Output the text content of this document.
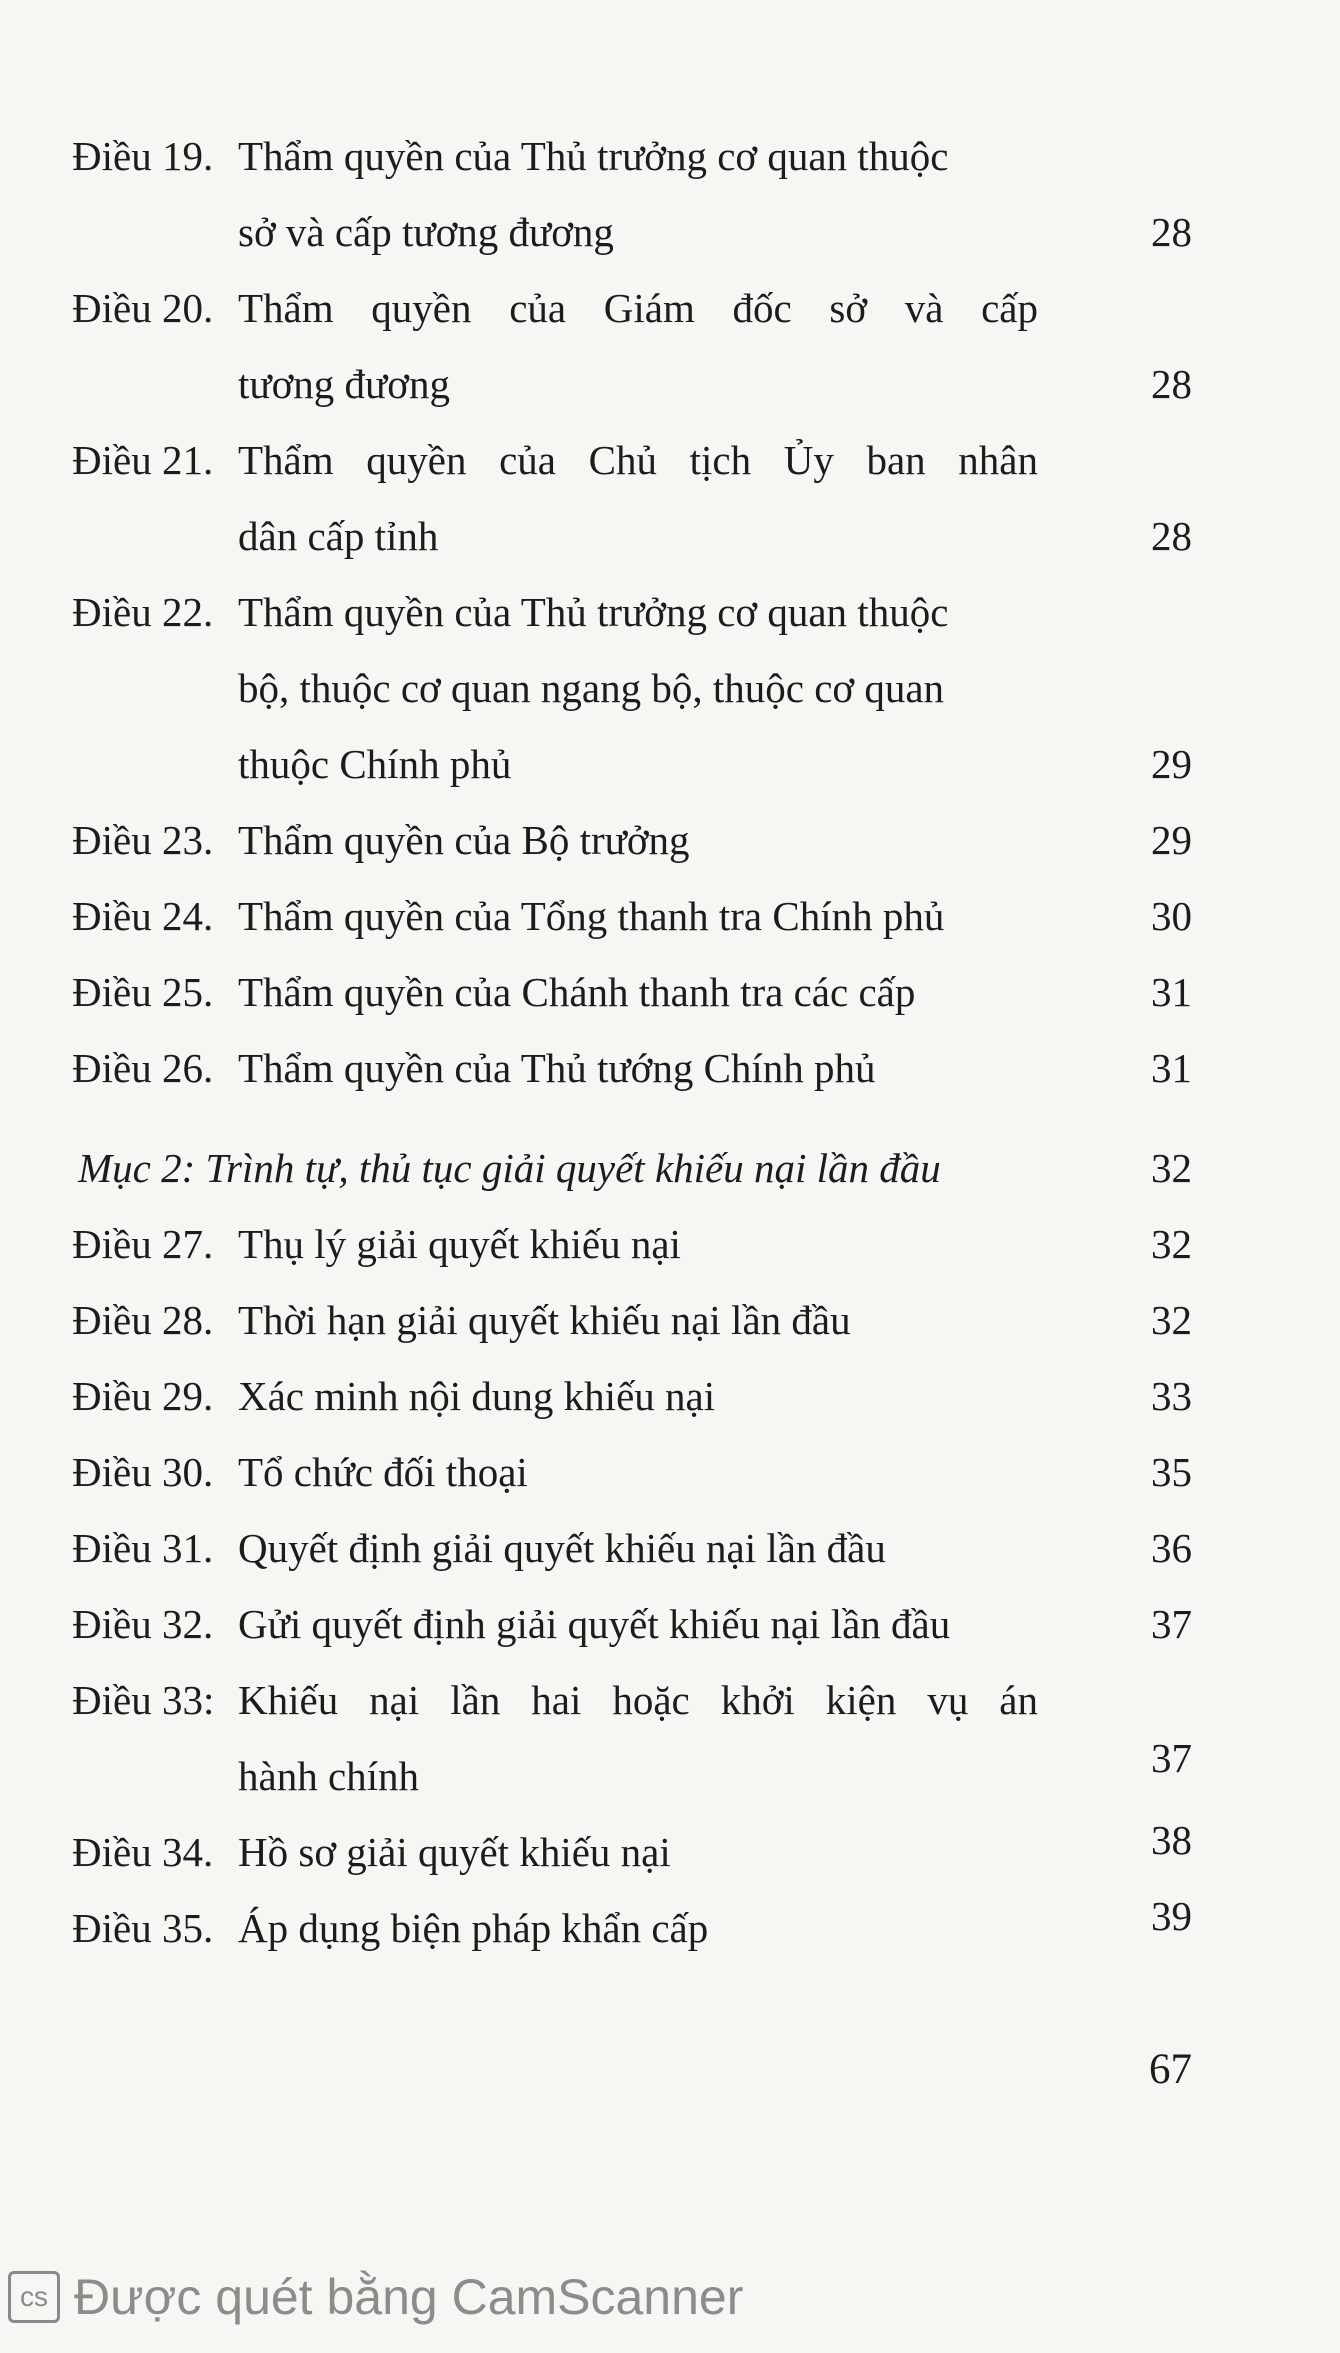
Điều 19. Thẩm quyền của Thủ trưởng cơ quan thuộc
sở và cấp tương đương	28
Điều 20. Thẩm quyền của Giám đốc sở và cấp
tương đương	28
Điều 21. Thẩm quyền của Chủ tịch Ủy ban nhân
dân cấp tỉnh	28
Điều 22. Thẩm quyền của Thủ trưởng cơ quan thuộc
bộ, thuộc cơ quan ngang bộ, thuộc cơ quan
thuộc Chính phủ	29
Điều 23. Thẩm quyền của Bộ trưởng	29
Điều 24. Thẩm quyền của Tổng thanh tra Chính phủ	30
Điều 25. Thẩm quyền của Chánh thanh tra các cấp	31
Điều 26. Thẩm quyền của Thủ tướng Chính phủ	31
Mục 2: Trình tự, thủ tục giải quyết khiếu nại lần đầu	32
Điều 27. Thụ lý giải quyết khiếu nại	32
Điều 28. Thời hạn giải quyết khiếu nại lần đầu	32
Điều 29. Xác minh nội dung khiếu nại	33
Điều 30. Tổ chức đối thoại	35
Điều 31. Quyết định giải quyết khiếu nại lần đầu	36
Điều 32. Gửi quyết định giải quyết khiếu nại lần đầu	37
Điều 33: Khiếu nại lần hai hoặc khởi kiện vụ án
hành chính	37
Điều 34. Hồ sơ giải quyết khiếu nại	38
Điều 35. Áp dụng biện pháp khẩn cấp	39
67
cs Được quét bằng CamScanner
